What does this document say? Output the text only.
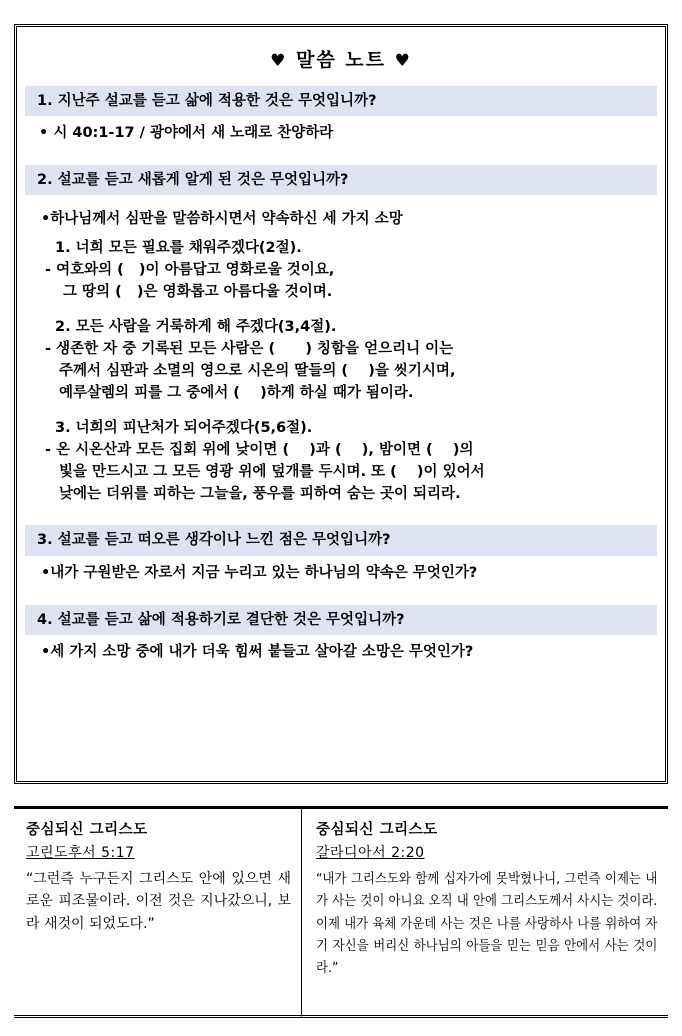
♥ 말씀 노트 ♥
1. 지난주 설교를 듣고 삶에 적용한 것은 무엇입니까?
• 시 40:1-17 / 광야에서 새 노래로 찬양하라
2. 설교를 듣고 새롭게 알게 된 것은 무엇입니까?
•하나님께서 심판을 말씀하시면서 약속하신 세 가지 소망
1. 너희 모든 필요를 채워주겠다(2절).
- 여호와의 (   )이 아름답고 영화로울 것이요,
그 땅의 (   )은 영화롭고 아름다울 것이며.
2. 모든 사람을 거룩하게 해 주겠다(3,4절).
- 생존한 자 중 기록된 모든 사람은 (      ) 칭함을 얻으리니 이는
주께서 심판과 소멸의 영으로 시온의 딸들의 (    )을 씻기시며,
예루살렘의 피를 그 중에서 (    )하게 하실 때가 됨이라.
3. 너희의 피난처가 되어주겠다(5,6절).
- 온 시온산과 모든 집회 위에 낮이면 (    )과 (    ), 밤이면 (    )의
빛을 만드시고 그 모든 영광 위에 덮개를 두시며. 또 (    )이 있어서
낮에는 더위를 피하는 그늘을, 풍우를 피하여 숨는 곳이 되리라.
3. 설교를 듣고 떠오른 생각이나 느낀 점은 무엇입니까?
•내가 구원받은 자로서 지금 누리고 있는 하나님의 약속은 무엇인가?
4. 설교를 듣고 삶에 적용하기로 결단한 것은 무엇입니까?
•세 가지 소망 중에 내가 더욱 힘써 붙들고 살아갈 소망은 무엇인가?
중심되신 그리스도
고린도후서 5:17
“그런즉 누구든지 그리스도 안에 있으면 새로운 피조물이라. 이전 것은 지나갔으니, 보라 새것이 되었도다.”
중심되신 그리스도
갈라디아서 2:20
“내가 그리스도와 함께 십자가에 못박혔나니, 그런즉 이제는 내가 사는 것이 아니요 오직 내 안에 그리스도께서 사시는 것이라. 이제 내가 육체 가운데 사는 것은 나를 사랑하사 나를 위하여 자기 자신을 버리신 하나님의 아들을 믿는 믿음 안에서 사는 것이라.”
